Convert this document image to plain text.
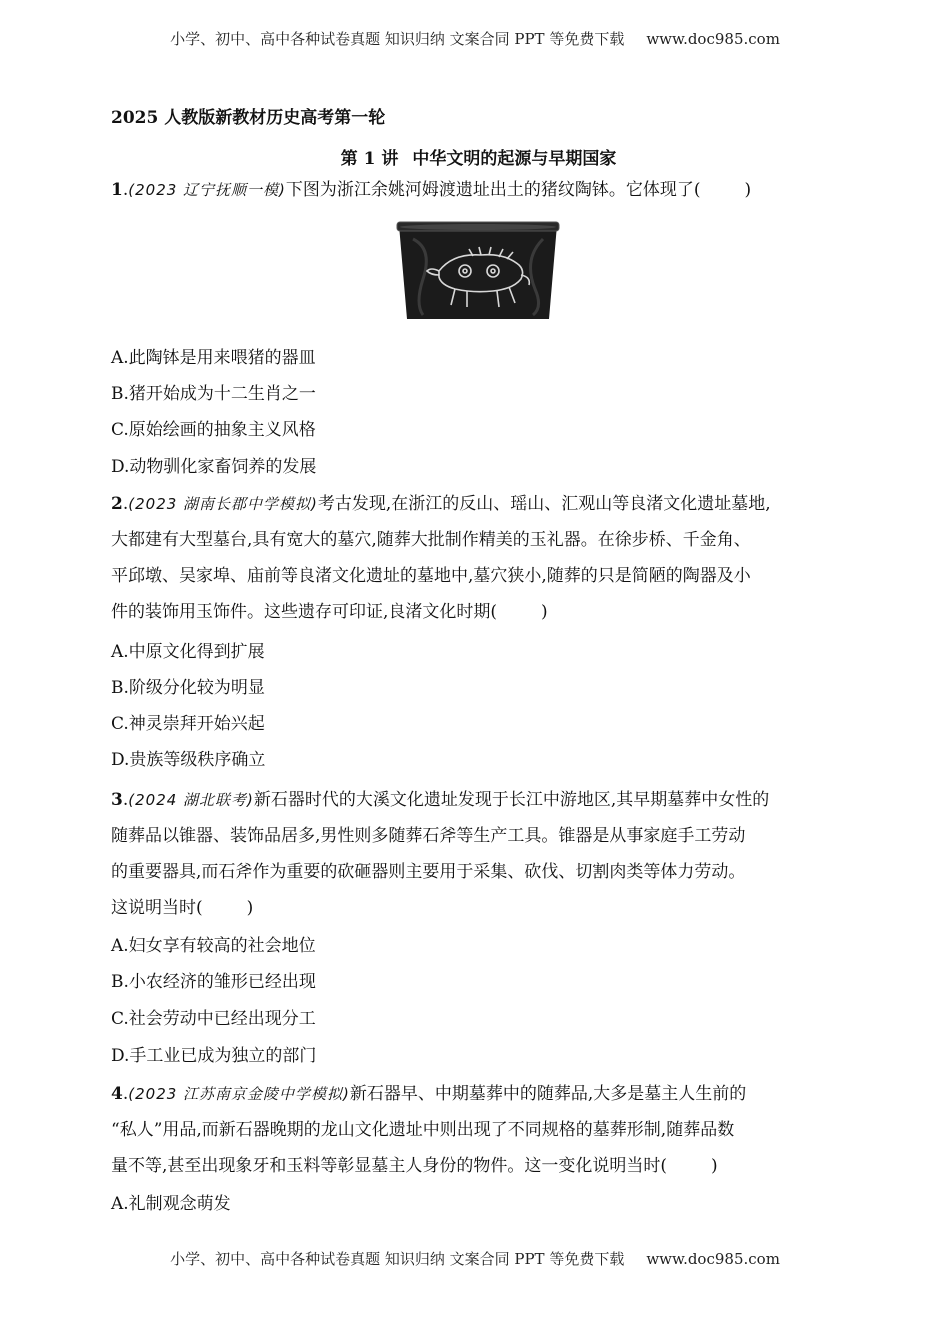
小学、初中、高中各种试卷真题 知识归纳 文案合同 PPT 等免费下载 www.doc985.com
2025 人教版新教材历史高考第一轮
第 1 讲 中华文明的起源与早期国家
1.(2023 辽宁抚顺一模)下图为浙江余姚河姆渡遗址出土的猪纹陶钵。它体现了(	)
A.此陶钵是用来喂猪的器皿
B.猪开始成为十二生肖之一
C.原始绘画的抽象主义风格
D.动物驯化家畜饲养的发展
2.(2023 湖南长郡中学模拟)考古发现,在浙江的反山、瑶山、汇观山等良渚文化遗址墓地,
大都建有大型墓台,具有宽大的墓穴,随葬大批制作精美的玉礼器。在徐步桥、千金角、
平邱墩、吴家埠、庙前等良渚文化遗址的墓地中,墓穴狭小,随葬的只是简陋的陶器及小
件的装饰用玉饰件。这些遗存可印证,良渚文化时期(	)
A.中原文化得到扩展
B.阶级分化较为明显
C.神灵崇拜开始兴起
D.贵族等级秩序确立
3.(2024 湖北联考)新石器时代的大溪文化遗址发现于长江中游地区,其早期墓葬中女性的
随葬品以锥器、装饰品居多,男性则多随葬石斧等生产工具。锥器是从事家庭手工劳动
的重要器具,而石斧作为重要的砍砸器则主要用于采集、砍伐、切割肉类等体力劳动。
这说明当时(	)
A.妇女享有较高的社会地位
B.小农经济的雏形已经出现
C.社会劳动中已经出现分工
D.手工业已成为独立的部门
4.(2023 江苏南京金陵中学模拟)新石器早、中期墓葬中的随葬品,大多是墓主人生前的
“私人”用品,而新石器晚期的龙山文化遗址中则出现了不同规格的墓葬形制,随葬品数
量不等,甚至出现象牙和玉料等彰显墓主人身份的物件。这一变化说明当时(	)
A.礼制观念萌发
小学、初中、高中各种试卷真题 知识归纳 文案合同 PPT 等免费下载 www.doc985.com
